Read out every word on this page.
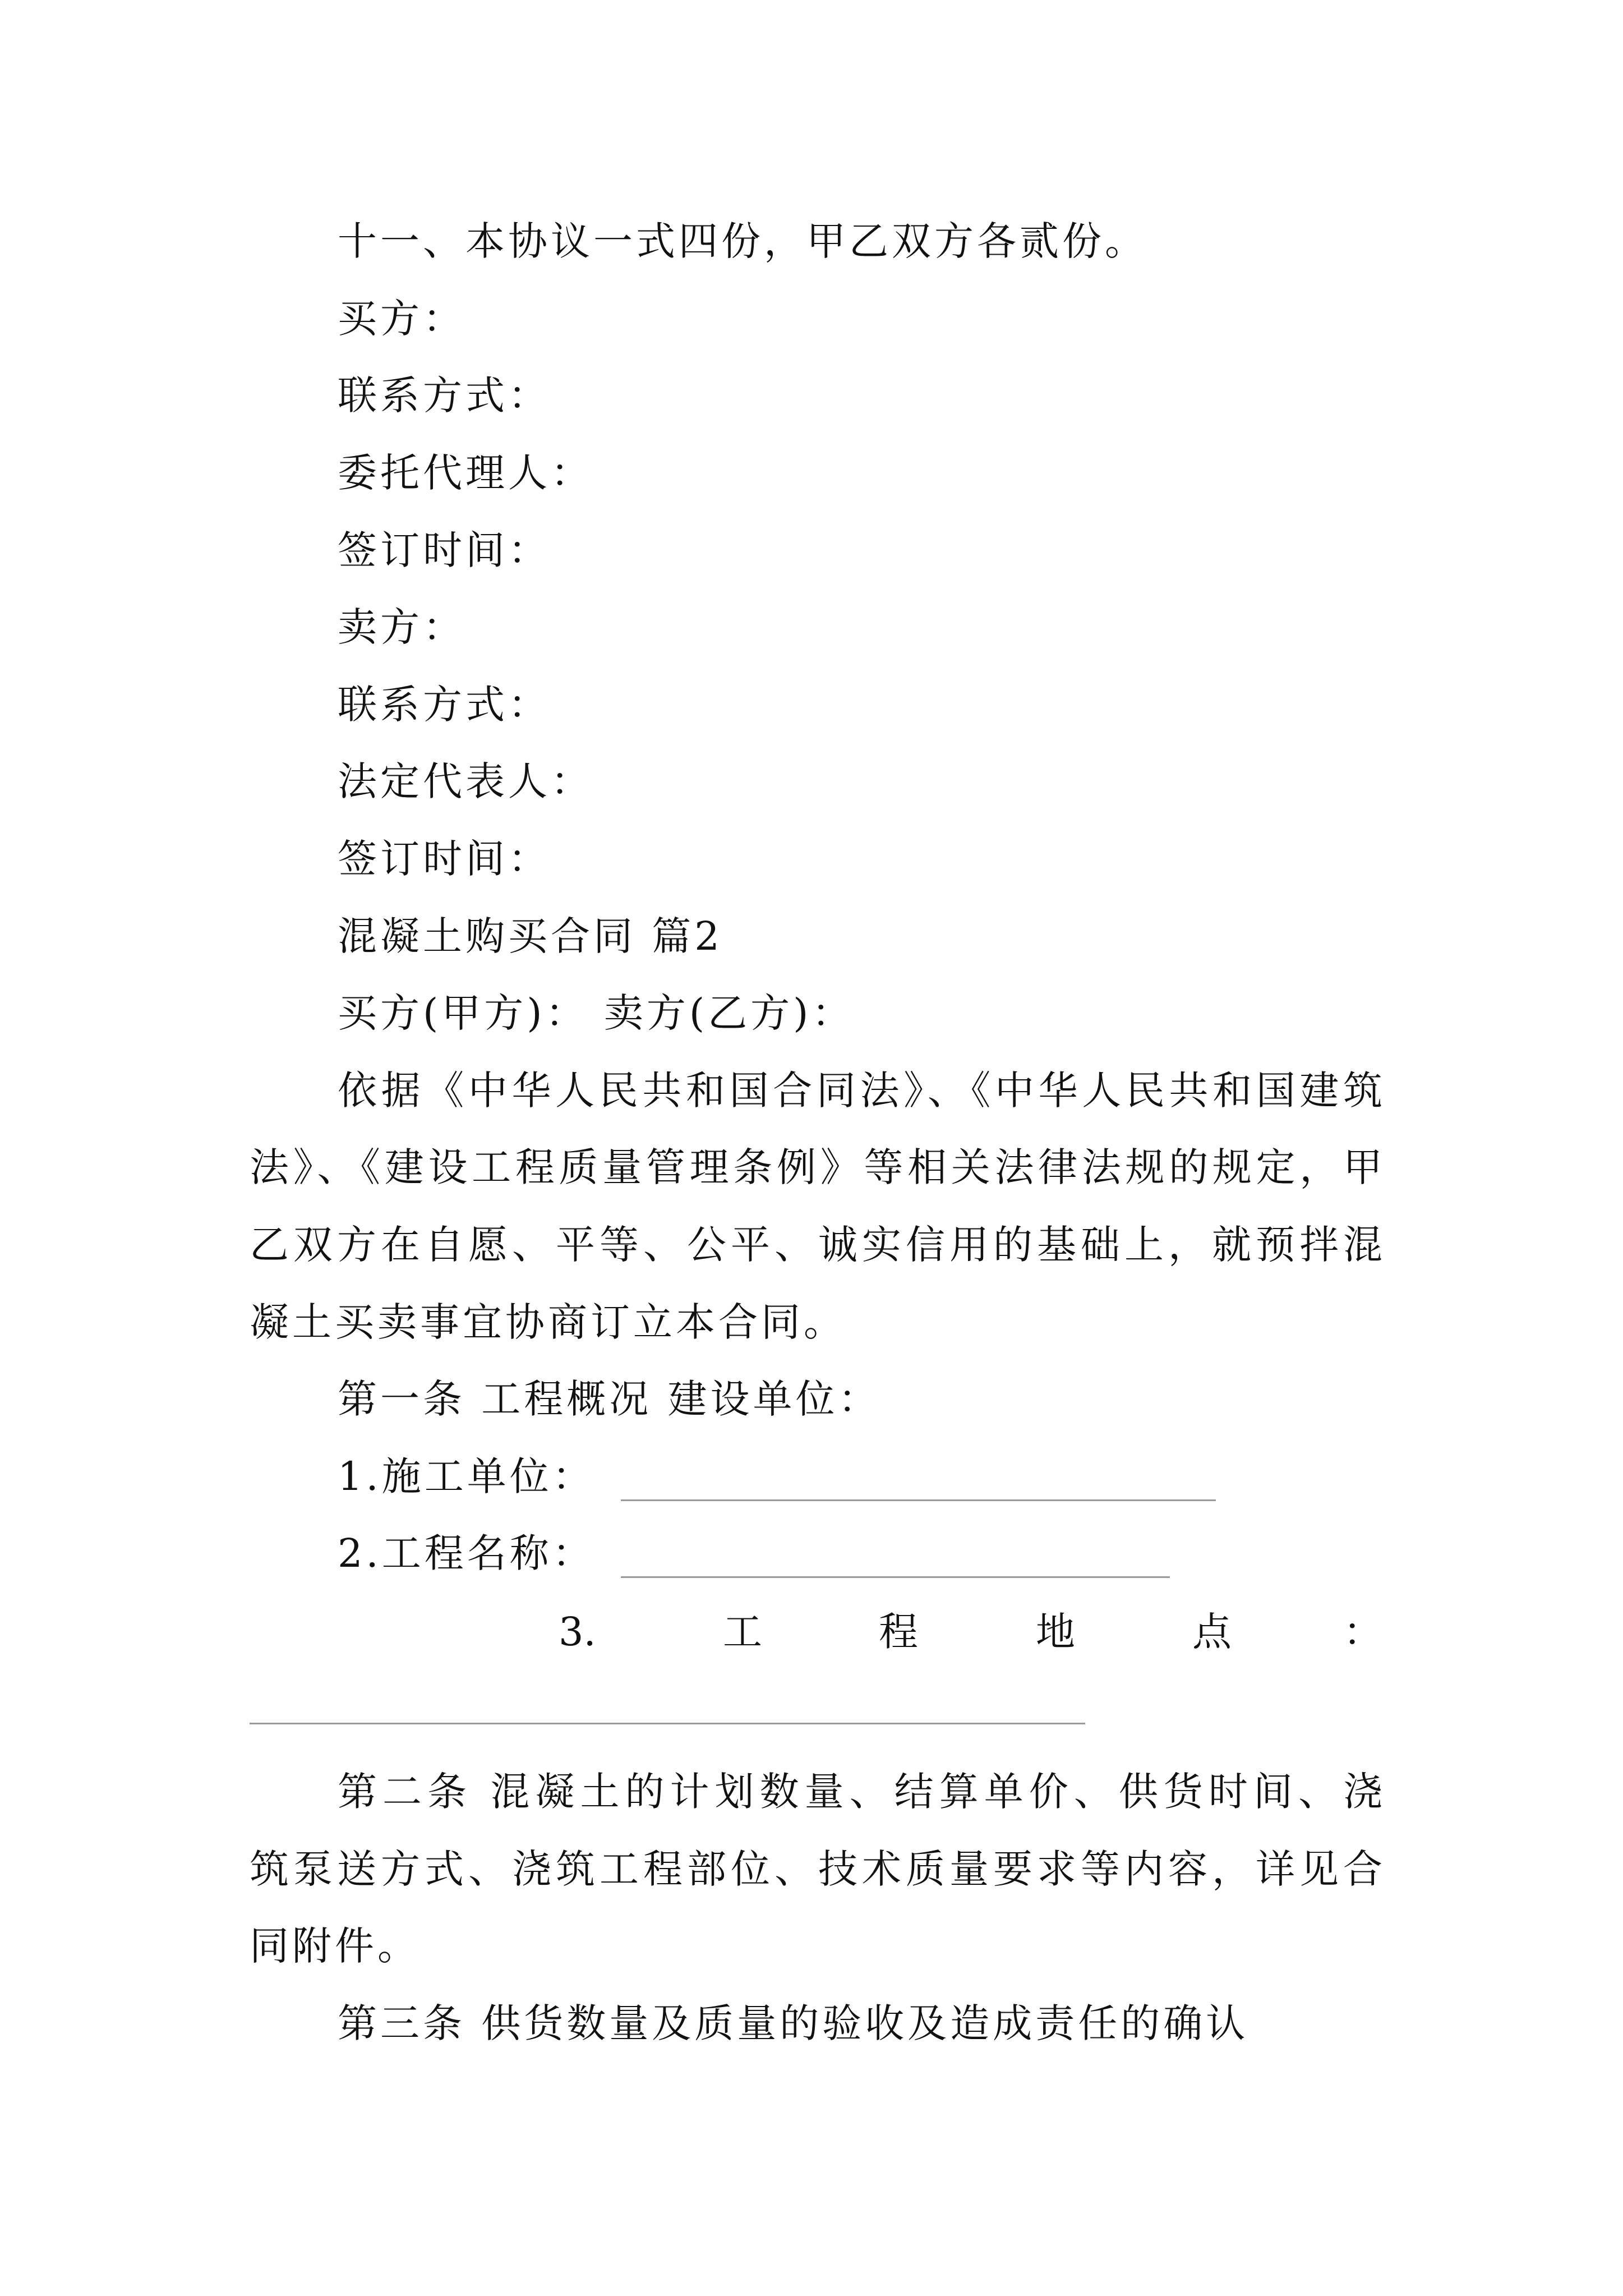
十一、本协议一式四份，甲乙双方各贰份。
买方：
联系方式：
委托代理人：
签订时间：
卖方：
联系方式：
法定代表人：
签订时间：
混凝土购买合同 篇2
买方(甲方)： 卖方(乙方)：
依据《中华人民共和国合同法》、《中华人民共和国建筑
法》、《建设工程质量管理条例》等相关法律法规的规定，甲
乙双方在自愿、平等、公平、诚实信用的基础上，就预拌混
凝土买卖事宜协商订立本合同。
第一条 工程概况 建设单位：
1.施工单位：
2.工程名称：
3.	工	程	地	点	：
第二条 混凝土的计划数量、结算单价、供货时间、浇
筑泵送方式、浇筑工程部位、技术质量要求等内容，详见合
同附件。
第三条 供货数量及质量的验收及造成责任的确认
